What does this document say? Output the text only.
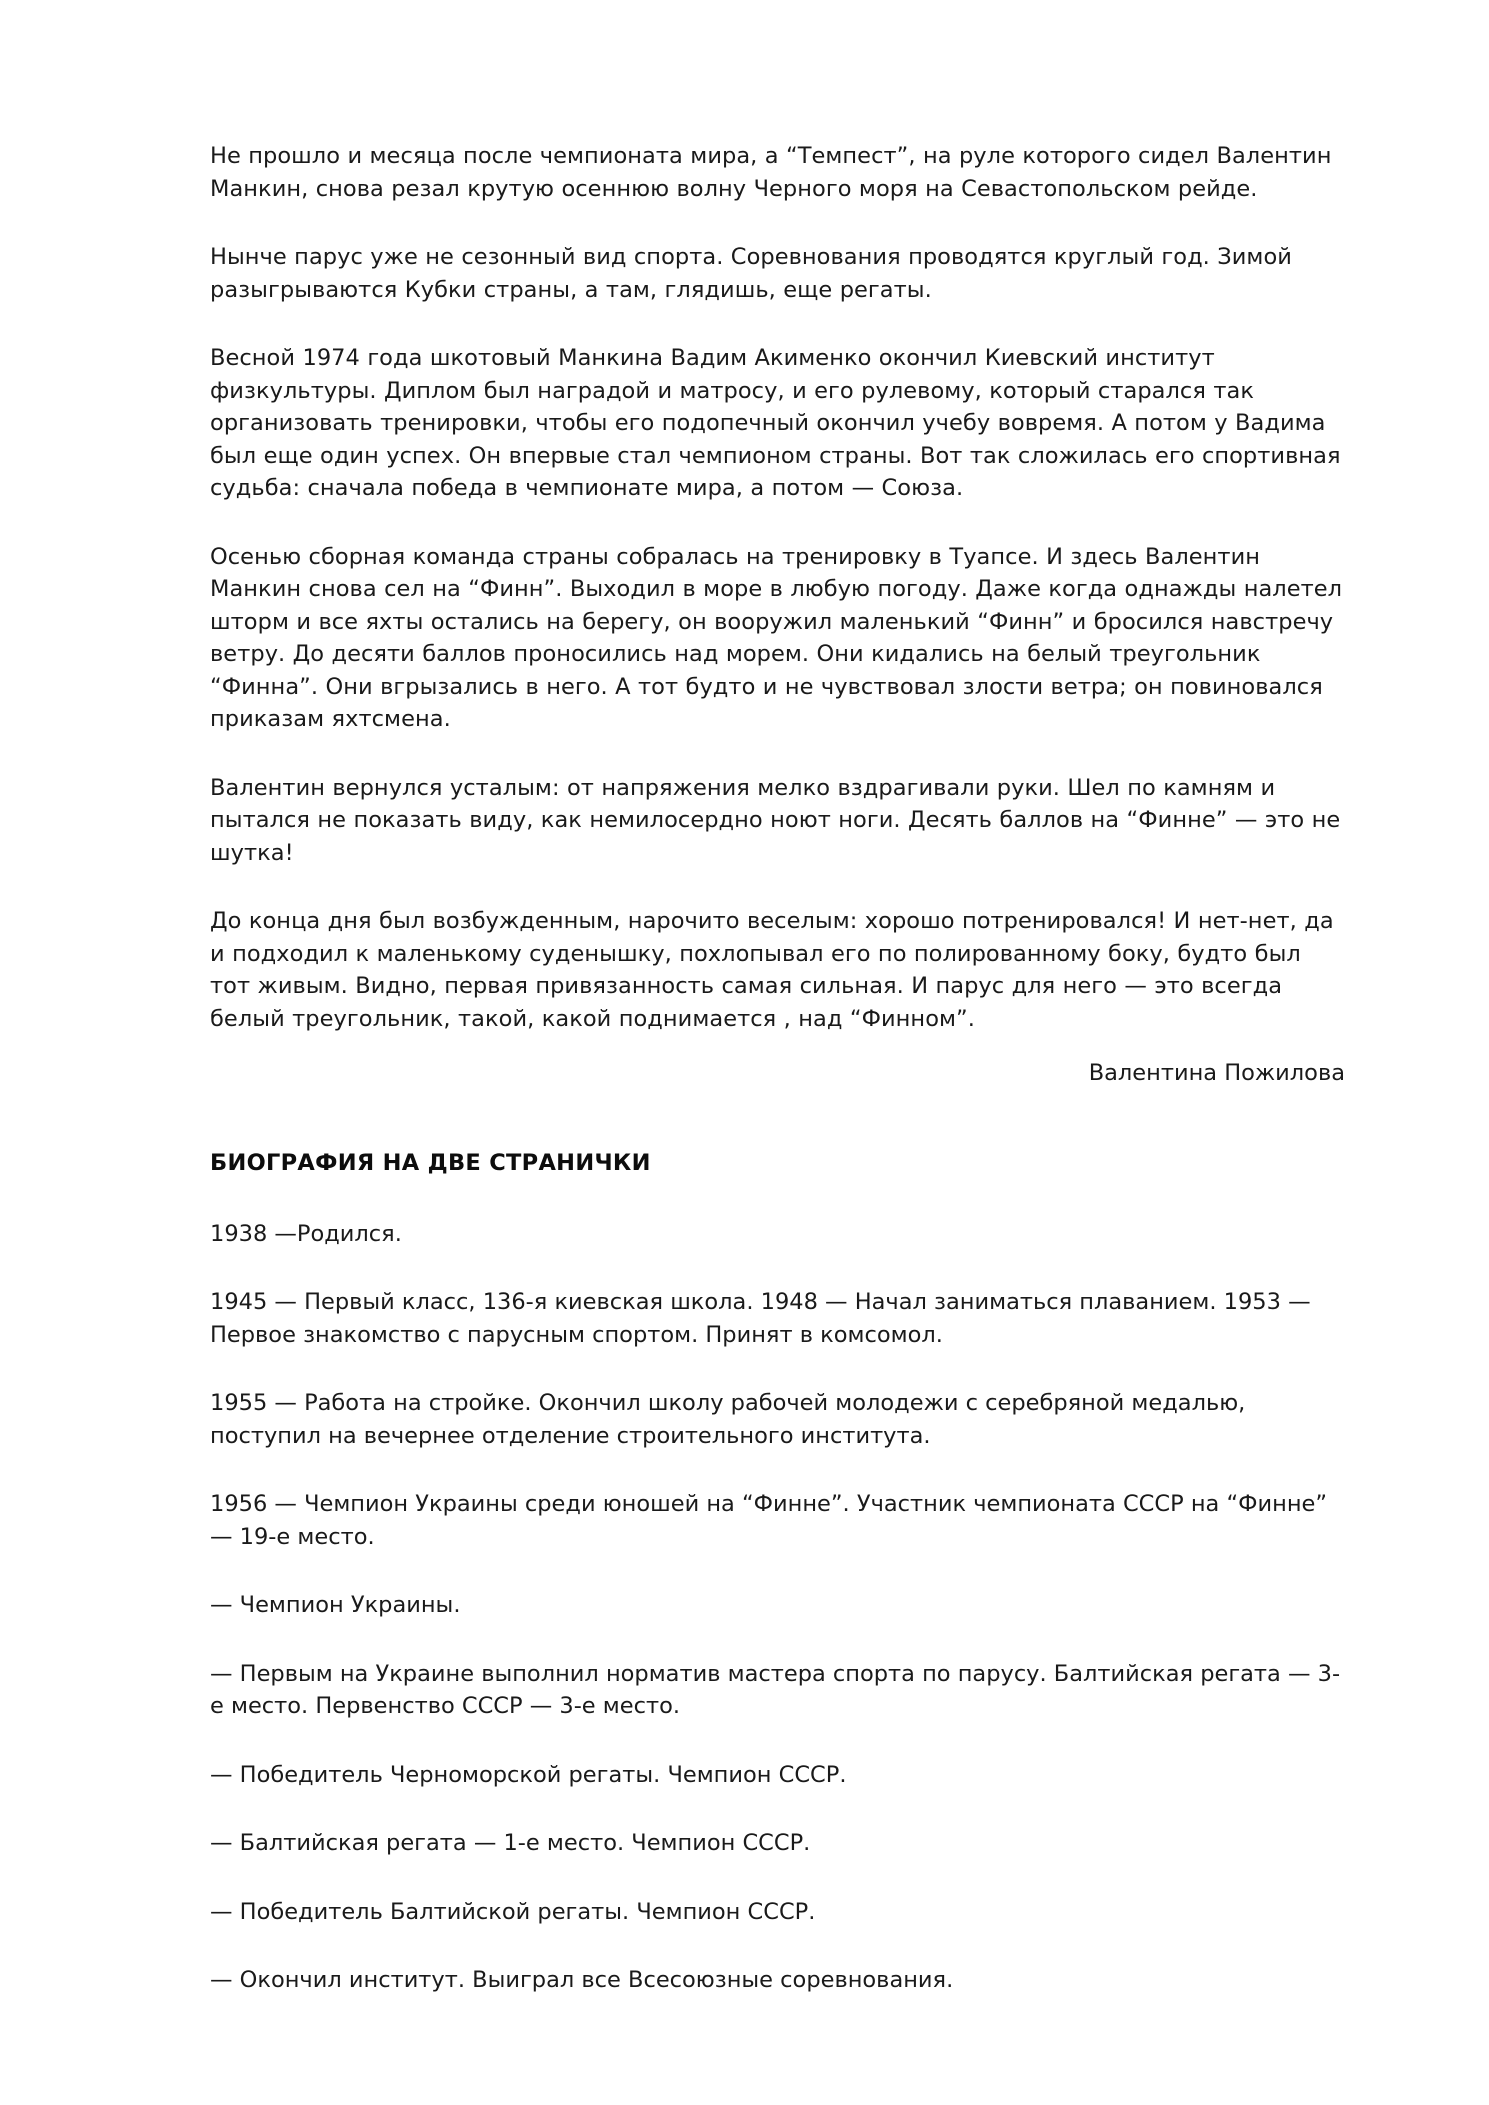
Не прошло и месяца после чемпионата мира, а “Темпест”, на руле которого сидел Валентин Манкин, снова резал крутую осеннюю волну Черного моря на Севастопольском рейде.

Нынче парус уже не сезонный вид спорта. Соревнования проводятся круглый год. Зимой разыгрываются Кубки страны, а там, глядишь, еще регаты.

Весной 1974 года шкотовый Манкина Вадим Акименко окончил Киевский институт физкультуры. Диплом был наградой и матросу, и его рулевому, который старался так организовать тренировки, чтобы его подопечный окончил учебу вовремя. А потом у Вадима был еще один успех. Он впервые стал чемпионом страны. Вот так сложилась его спортивная судьба: сначала победа в чемпионате мира, а потом — Союза.

Осенью сборная команда страны собралась на тренировку в Туапсе. И здесь Валентин Манкин снова сел на “Финн”. Выходил в море в любую погоду. Даже когда однажды налетел шторм и все яхты остались на берегу, он вооружил маленький “Финн” и бросился навстречу ветру. До десяти баллов проносились над морем. Они кидались на белый треугольник “Финна”. Они вгрызались в него. А тот будто и не чувствовал злости ветра; он повиновался приказам яхтсмена.

Валентин вернулся усталым: от напряжения мелко вздрагивали руки. Шел по камням и пытался не показать виду, как немилосердно ноют ноги. Десять баллов на “Финне” — это не шутка!

До конца дня был возбужденным, нарочито веселым: хорошо потренировался! И нет-нет, да и подходил к маленькому суденышку, похлопывал его по полированному боку, будто был тот живым. Видно, первая привязанность самая сильная. И парус для него — это всегда белый треугольник, такой, какой поднимается , над “Финном”.

Валентина Пожилова

БИОГРАФИЯ НА ДВЕ СТРАНИЧКИ
1938 —Родился.
1945 — Первый класс, 136-я киевская школа. 1948 — Начал заниматься плаванием. 1953 — Первое знакомство с парусным спортом. Принят в комсомол.
1955 — Работа на стройке. Окончил школу рабочей молодежи с серебряной медалью, поступил на вечернее отделение строительного института.
1956 — Чемпион Украины среди юношей на “Финне”. Участник чемпионата СССР на “Финне” — 19-е место.
— Чемпион Украины.
— Первым на Украине выполнил норматив мастера спорта по парусу. Балтийская регата — 3-е место. Первенство СССР — 3-е место.
— Победитель Черноморской регаты. Чемпион СССР.
— Балтийская регата — 1-е место. Чемпион СССР.
— Победитель Балтийской регаты. Чемпион СССР.
— Окончил институт. Выиграл все Всесоюзные соревнования.
